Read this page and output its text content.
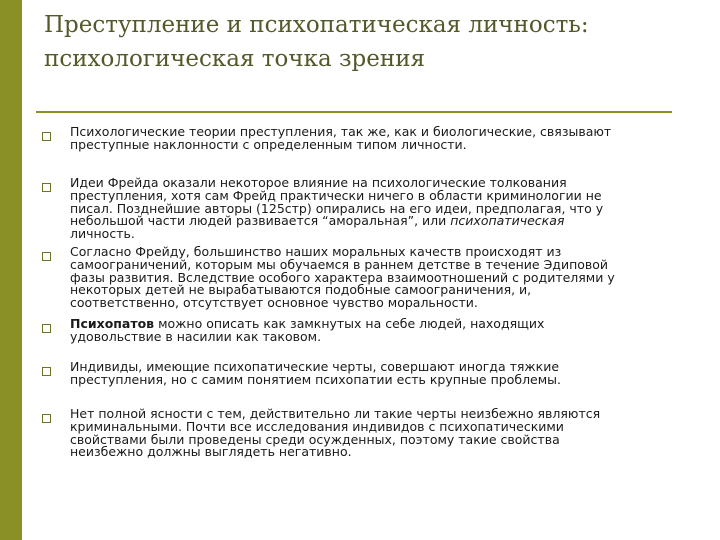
Преступление и психопатическая личность:
психологическая точка зрения
Психологические теории преступления, так же, как и биологические, связывают
преступные наклонности с определенным типом личности.
Идеи Фрейда оказали некоторое влияние на психологические толкования
преступления, хотя сам Фрейд практически ничего в области криминологии не
писал. Позднейшие авторы (125стр) опирались на его идеи, предполагая, что у
небольшой части людей развивается “аморальная”, или психопатическая
личность.
Согласно Фрейду, большинство наших моральных качеств происходят из
самоограничений, которым мы обучаемся в раннем детстве в течение Эдиповой
фазы развития. Вследствие особого характера взаимоотношений с родителями у
некоторых детей не вырабатываются подобные самоограничения, и,
соответственно, отсутствует основное чувство моральности.
Психопатов можно описать как замкнутых на себе людей, находящих
удовольствие в насилии как таковом.
Индивиды, имеющие психопатические черты, совершают иногда тяжкие
преступления, но с самим понятием психопатии есть крупные проблемы.
Нет полной ясности с тем, действительно ли такие черты неизбежно являются
криминальными. Почти все исследования индивидов с психопатическими
свойствами были проведены среди осужденных, поэтому такие свойства
неизбежно должны выглядеть негативно.
